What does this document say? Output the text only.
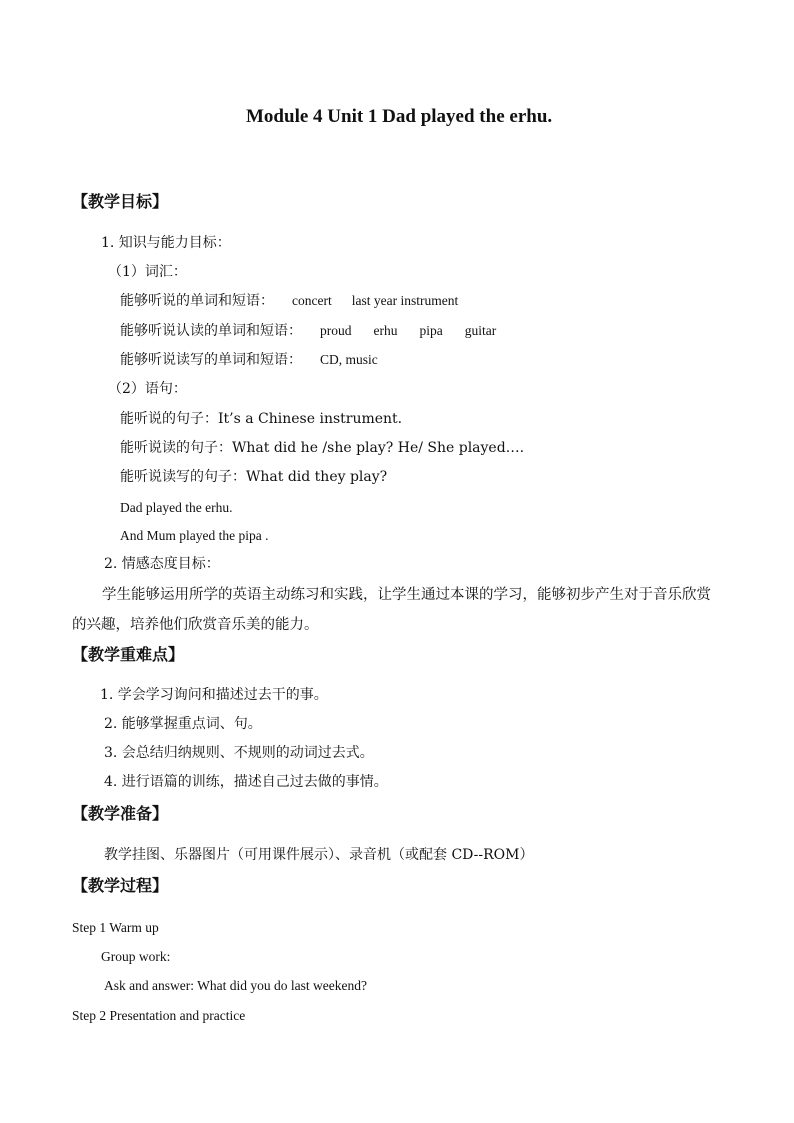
Module 4 Unit 1 Dad played the erhu.
【教学目标】
1. 知识与能力目标：
（1）词汇：
能够听说的单词和短语： concert last year instrument
能够听说认读的单词和短语： proud erhu pipa guitar
能够听说读写的单词和短语： CD, music
（2）语句：
能听说的句子：It’s a Chinese instrument.
能听说读的句子：What did he /she play? He/ She played….
能听说读写的句子：What did they play?
Dad played the erhu.
And Mum played the pipa .
2. 情感态度目标：
学生能够运用所学的英语主动练习和实践，让学生通过本课的学习，能够初步产生对于音乐欣赏的兴趣，培养他们欣赏音乐美的能力。
【教学重难点】
1. 学会学习询问和描述过去干的事。
2. 能够掌握重点词、句。
3. 会总结归纳规则、不规则的动词过去式。
4. 进行语篇的训练，描述自己过去做的事情。
【教学准备】
教学挂图、乐器图片（可用课件展示）、录音机（或配套 CD--ROM）
【教学过程】
Step 1 Warm up
Group work:
Ask and answer: What did you do last weekend?
Step 2 Presentation and practice
